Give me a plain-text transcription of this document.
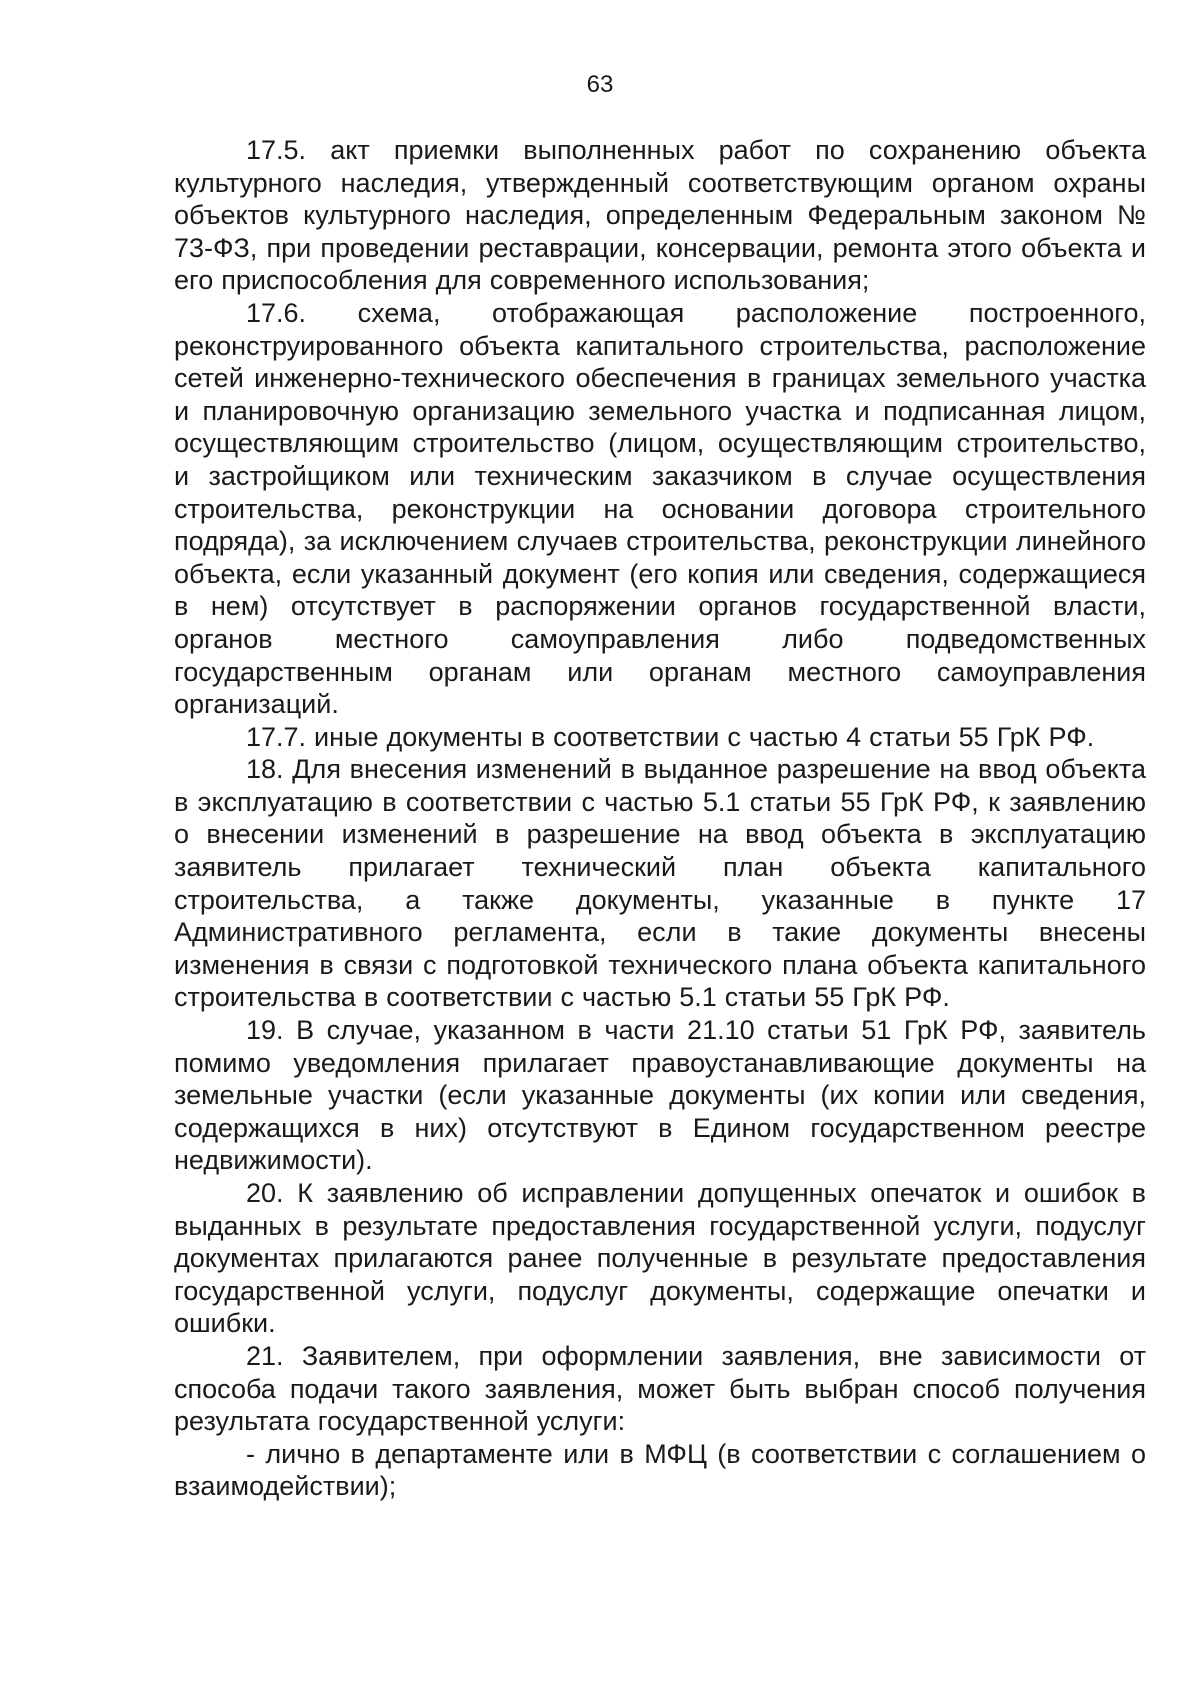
63

17.5. акт приемки выполненных работ по сохранению объекта культурного наследия, утвержденный соответствующим органом охраны объектов культурного наследия, определенным Федеральным законом № 73-ФЗ, при проведении реставрации, консервации, ремонта этого объекта и его приспособления для современного использования;

17.6. схема, отображающая расположение построенного, реконструированного объекта капитального строительства, расположение сетей инженерно-технического обеспечения в границах земельного участка и планировочную организацию земельного участка и подписанная лицом, осуществляющим строительство (лицом, осуществляющим строительство, и застройщиком или техническим заказчиком в случае осуществления строительства, реконструкции на основании договора строительного подряда), за исключением случаев строительства, реконструкции линейного объекта, если указанный документ (его копия или сведения, содержащиеся в нем) отсутствует в распоряжении органов государственной власти, органов местного самоуправления либо подведомственных государственным органам или органам местного самоуправления организаций.

17.7. иные документы в соответствии с частью 4 статьи 55 ГрК РФ.

18. Для внесения изменений в выданное разрешение на ввод объекта в эксплуатацию в соответствии с частью 5.1 статьи 55 ГрК РФ, к заявлению о внесении изменений в разрешение на ввод объекта в эксплуатацию заявитель прилагает технический план объекта капитального строительства, а также документы, указанные в пункте 17 Административного регламента, если в такие документы внесены изменения в связи с подготовкой технического плана объекта капитального строительства в соответствии с частью 5.1 статьи 55 ГрК РФ.

19. В случае, указанном в части 21.10 статьи 51 ГрК РФ, заявитель помимо уведомления прилагает правоустанавливающие документы на земельные участки (если указанные документы (их копии или сведения, содержащихся в них) отсутствуют в Едином государственном реестре недвижимости).

20. К заявлению об исправлении допущенных опечаток и ошибок в выданных в результате предоставления государственной услуги, подуслуг документах прилагаются ранее полученные в результате предоставления государственной услуги, подуслуг документы, содержащие опечатки и ошибки.

21. Заявителем, при оформлении заявления, вне зависимости от способа подачи такого заявления, может быть выбран способ получения результата государственной услуги:

- лично в департаменте или в МФЦ (в соответствии с соглашением о взаимодействии);
